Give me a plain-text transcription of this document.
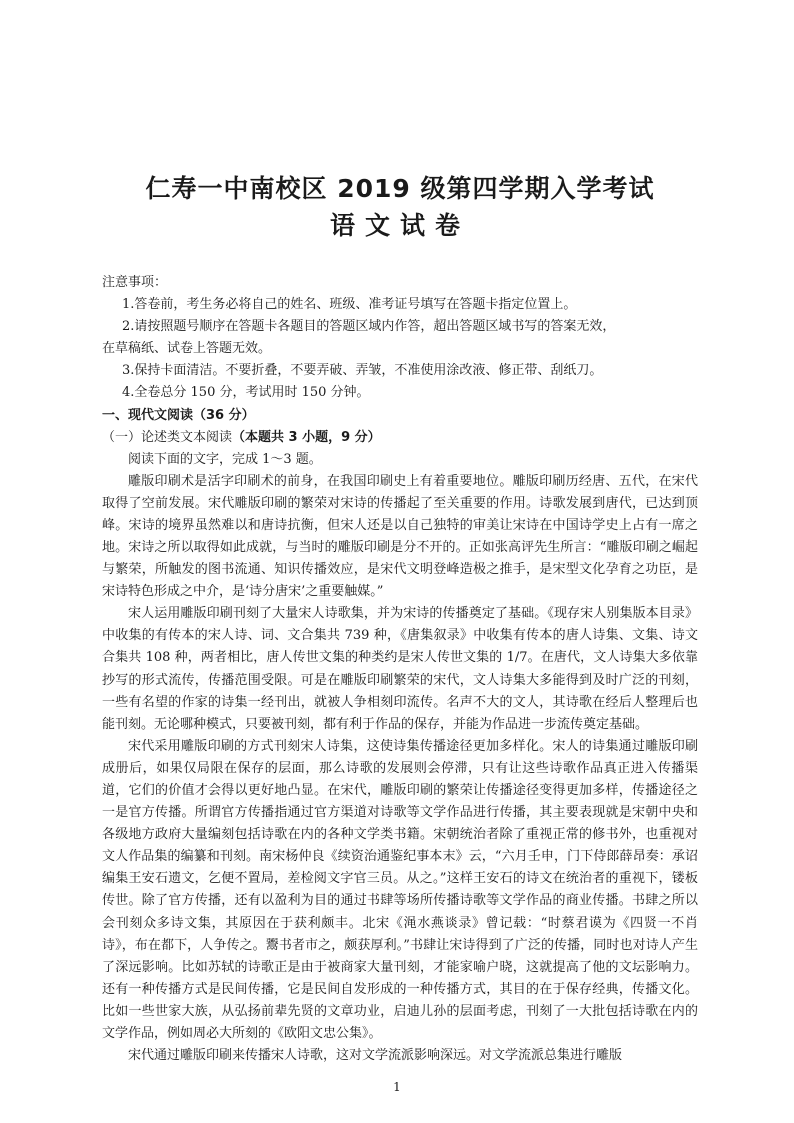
仁寿一中南校区 2019 级第四学期入学考试
语文试卷

注意事项：

1.答卷前，考生务必将自己的姓名、班级、准考证号填写在答题卡指定位置上。

2.请按照题号顺序在答题卡各题目的答题区域内作答，超出答题区域书写的答案无效，

在草稿纸、试卷上答题无效。

3.保持卡面清洁。不要折叠，不要弄破、弄皱，不准使用涂改液、修正带、刮纸刀。

4.全卷总分 150 分，考试用时 150 分钟。

一、现代文阅读（36 分）

（一）论述类文本阅读（本题共 3 小题，9 分）

阅读下面的文字，完成 1～3 题。

雕版印刷术是活字印刷术的前身，在我国印刷史上有着重要地位。雕版印刷历经唐、五代，在宋代取得了空前发展。宋代雕版印刷的繁荣对宋诗的传播起了至关重要的作用。诗歌发展到唐代，已达到顶峰。宋诗的境界虽然难以和唐诗抗衡，但宋人还是以自己独特的审美让宋诗在中国诗学史上占有一席之地。宋诗之所以取得如此成就，与当时的雕版印刷是分不开的。正如张高评先生所言：“雕版印刷之崛起与繁荣，所触发的图书流通、知识传播效应，是宋代文明登峰造极之推手，是宋型文化孕育之功臣，是宋诗特色形成之中介，是‘诗分唐宋’之重要触媒。”

宋人运用雕版印刷刊刻了大量宋人诗歌集，并为宋诗的传播奠定了基础。《现存宋人别集版本目录》中收集的有传本的宋人诗、词、文合集共 739 种，《唐集叙录》中收集有传本的唐人诗集、文集、诗文合集共 108 种，两者相比，唐人传世文集的种类约是宋人传世文集的 1/7。在唐代，文人诗集大多依靠抄写的形式流传，传播范围受限。可是在雕版印刷繁荣的宋代，文人诗集大多能得到及时广泛的刊刻，一些有名望的作家的诗集一经刊出，就被人争相刻印流传。名声不大的文人，其诗歌在经后人整理后也能刊刻。无论哪种模式，只要被刊刻，都有利于作品的保存，并能为作品进一步流传奠定基础。

宋代采用雕版印刷的方式刊刻宋人诗集，这使诗集传播途径更加多样化。宋人的诗集通过雕版印刷成册后，如果仅局限在保存的层面，那么诗歌的发展则会停滞，只有让这些诗歌作品真正进入传播渠道，它们的价值才会得以更好地凸显。在宋代，雕版印刷的繁荣让传播途径变得更加多样，传播途径之一是官方传播。所谓官方传播指通过官方渠道对诗歌等文学作品进行传播，其主要表现就是宋朝中央和各级地方政府大量编刻包括诗歌在内的各种文学类书籍。宋朝统治者除了重视正常的修书外，也重视对文人作品集的编纂和刊刻。南宋杨仲良《续资治通鉴纪事本末》云，“六月壬申，门下侍郎薛昂奏：承诏编集王安石遗文，乞便不置局，差检阅文字官三员。从之。”这样王安石的诗文在统治者的重视下，镂板传世。除了官方传播，还有以盈利为目的通过书肆等场所传播诗歌等文学作品的商业传播。书肆之所以会刊刻众多诗文集，其原因在于获利颇丰。北宋《渑水燕谈录》曾记载：“时蔡君谟为《四贤一不肖诗》，布在都下，人争传之。鬻书者市之，颇获厚利。”书肆让宋诗得到了广泛的传播，同时也对诗人产生了深远影响。比如苏轼的诗歌正是由于被商家大量刊刻，才能家喻户晓，这就提高了他的文坛影响力。还有一种传播方式是民间传播，它是民间自发形成的一种传播方式，其目的在于保存经典，传播文化。比如一些世家大族，从弘扬前辈先贤的文章功业，启迪儿孙的层面考虑，刊刻了一大批包括诗歌在内的文学作品，例如周必大所刻的《欧阳文忠公集》。

宋代通过雕版印刷来传播宋人诗歌，这对文学流派影响深远。对文学流派总集进行雕版

1
